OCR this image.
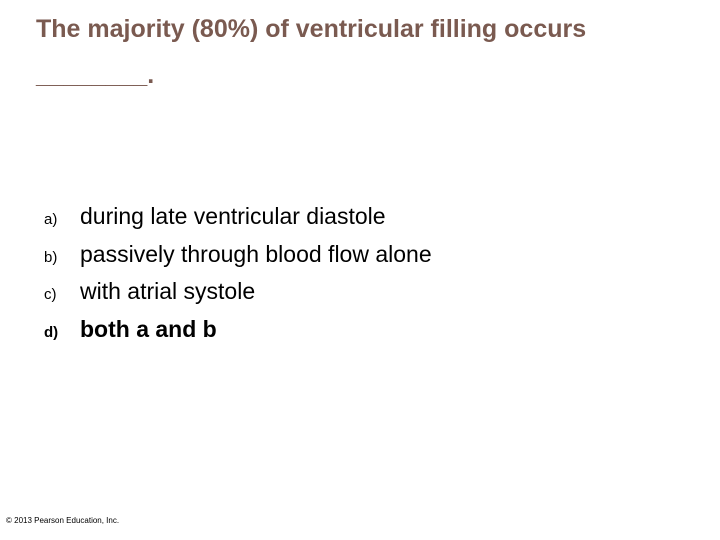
The majority (80%) of ventricular filling occurs
________.
a) during late ventricular diastole
b) passively through blood flow alone
c) with atrial systole
d) both a and b
© 2013 Pearson Education, Inc.
